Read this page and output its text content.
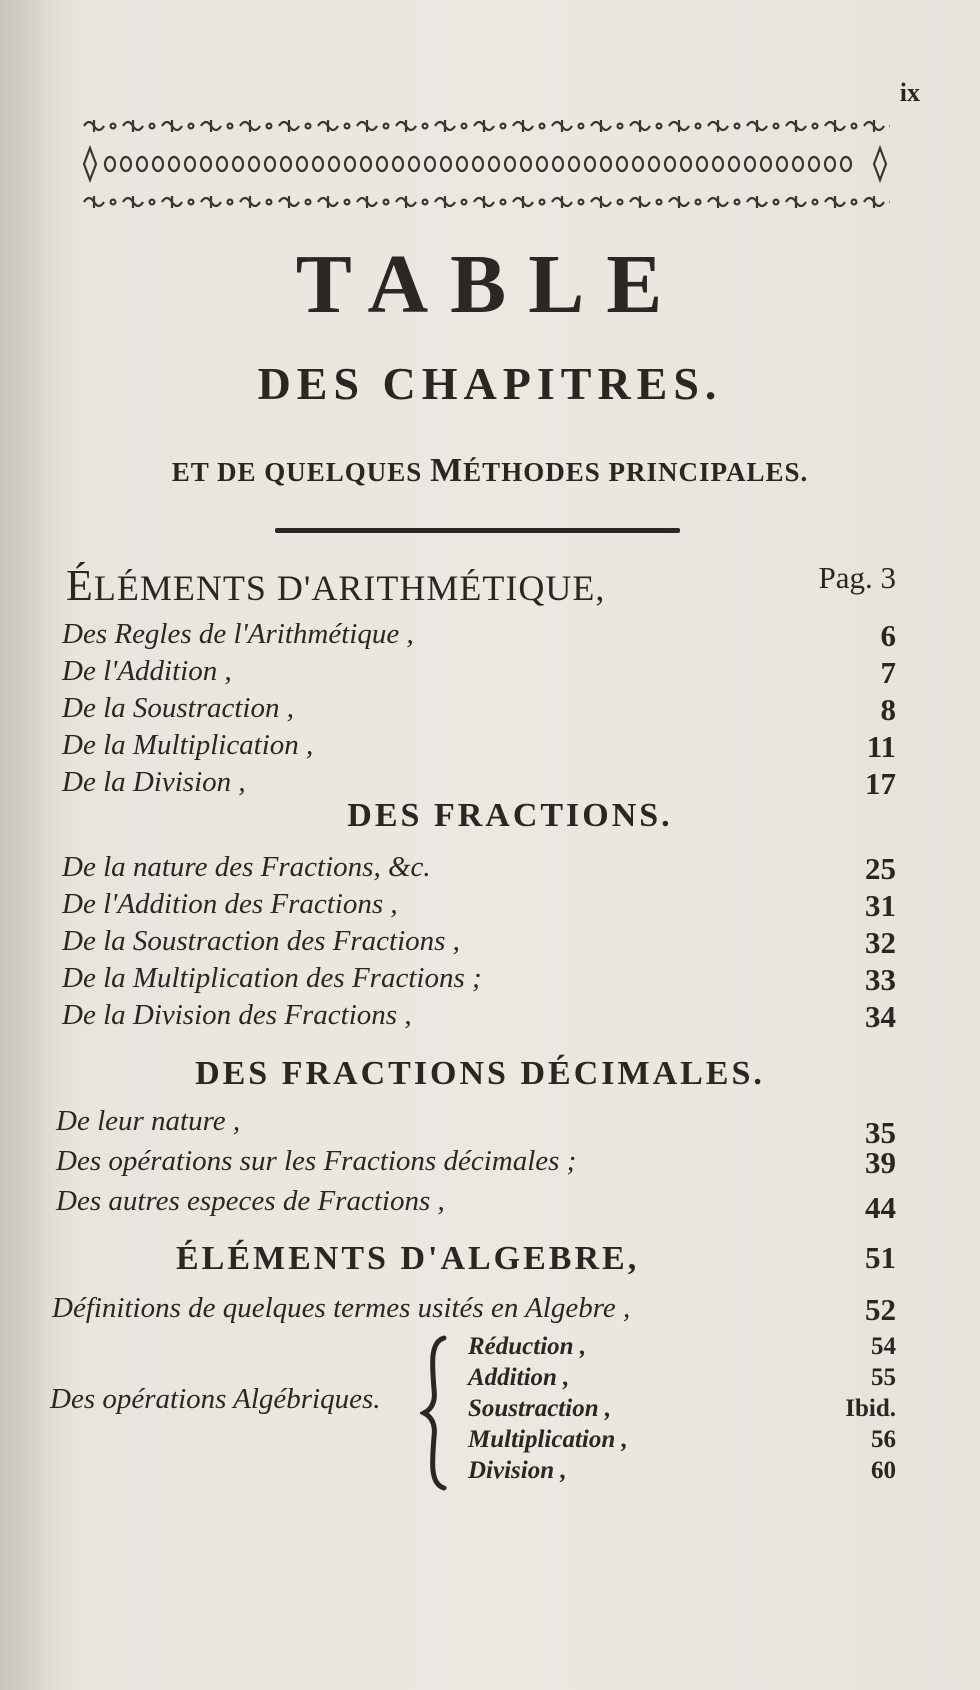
ix
TABLE
DES CHAPITRES.
ET DE QUELQUES MÉTHODES PRINCIPALES.
ÉLÉMENTS D'ARITHMÉTIQUE,	Pag. 3
Des Regles de l'Arithmétique ,	6
De l'Addition ,	7
De la Soustraction ,	8
De la Multiplication ,	11
De la Division ,	17
DES FRACTIONS.
De la nature des Fractions, &c.	25
De l'Addition des Fractions ,	31
De la Soustraction des Fractions ,	32
De la Multiplication des Fractions ;	33
De la Division des Fractions ,	34
DES FRACTIONS DÉCIMALES.
De leur nature ,	35
Des opérations sur les Fractions décimales ;	39
Des autres especes de Fractions ,	44
ÉLÉMENTS D'ALGEBRE,	51
Définitions de quelques termes usités en Algebre ,	52
Des opérations Algébriques.
Réduction ,	54
Addition ,	55
Soustraction ,	Ibid.
Multiplication ,	56
Division ,	60
